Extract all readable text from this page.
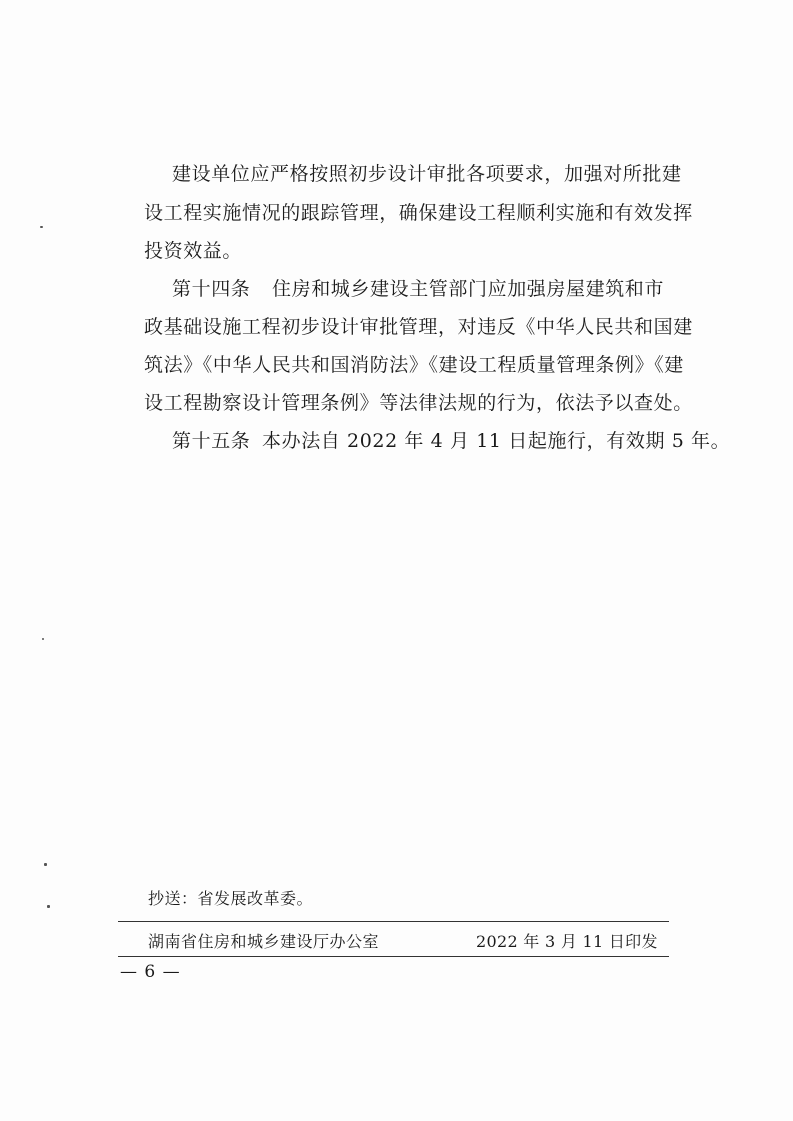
建设单位应严格按照初步设计审批各项要求，加强对所批建
设工程实施情况的跟踪管理，确保建设工程顺利实施和有效发挥
投资效益。
第十四条 住房和城乡建设主管部门应加强房屋建筑和市
政基础设施工程初步设计审批管理，对违反《中华人民共和国建
筑法》《中华人民共和国消防法》《建设工程质量管理条例》《建
设工程勘察设计管理条例》等法律法规的行为，依法予以查处。
第十五条 本办法自 2022 年 4 月 11 日起施行，有效期 5 年。
抄送：省发展改革委。
湖南省住房和城乡建设厅办公室	2022 年 3 月 11 日印发
— 6 —
